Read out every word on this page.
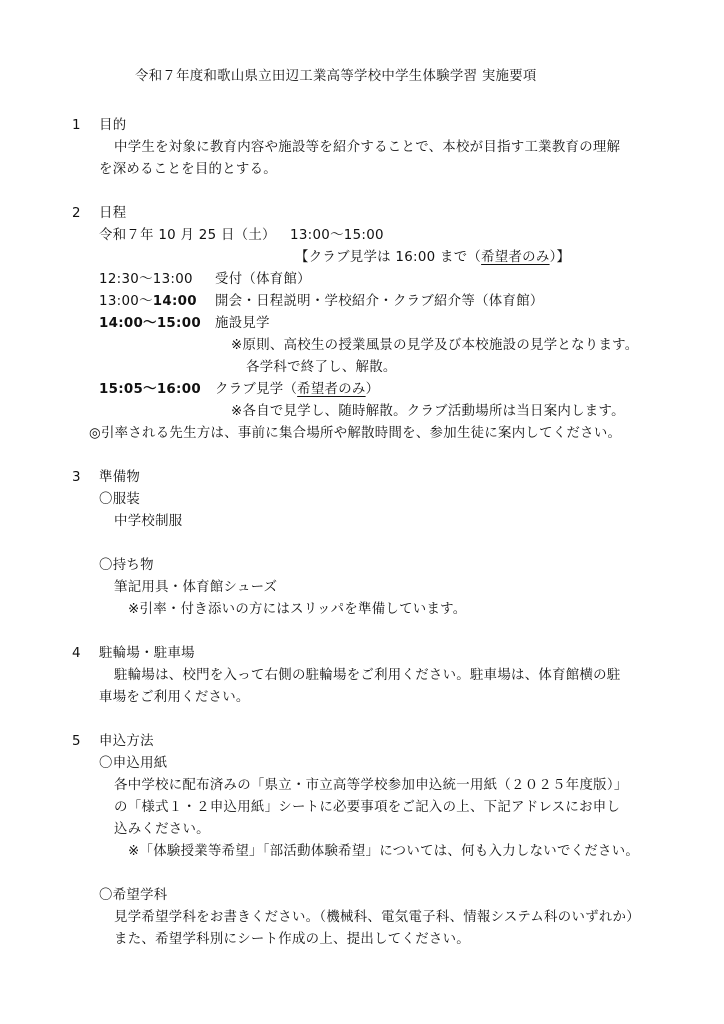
令和７年度和歌山県立田辺工業高等学校中学生体験学習 実施要項
1 目的
中学生を対象に教育内容や施設等を紹介することで、本校が目指す工業教育の理解
を深めることを目的とする。
2 日程
令和７年 10 月 25 日（土） 13:00～15:00
【クラブ見学は 16:00 まで（希望者のみ）】
12:30～13:00 受付（体育館）
13:00～14:00 開会・日程説明・学校紹介・クラブ紹介等（体育館）
14:00～15:00 施設見学
※原則、高校生の授業風景の見学及び本校施設の見学となります。
各学科で終了し、解散。
15:05～16:00 クラブ見学（希望者のみ）
※各自で見学し、随時解散。クラブ活動場所は当日案内します。
◎引率される先生方は、事前に集合場所や解散時間を、参加生徒に案内してください。
3 準備物
〇服装
中学校制服
〇持ち物
筆記用具・体育館シューズ
※引率・付き添いの方にはスリッパを準備しています。
4 駐輪場・駐車場
駐輪場は、校門を入って右側の駐輪場をご利用ください。駐車場は、体育館横の駐
車場をご利用ください。
5 申込方法
〇申込用紙
各中学校に配布済みの「県立・市立高等学校参加申込統一用紙（２０２５年度版）」
の「様式１・２申込用紙」シートに必要事項をご記入の上、下記アドレスにお申し
込みください。
※「体験授業等希望」「部活動体験希望」については、何も入力しないでください。
〇希望学科
見学希望学科をお書きください。（機械科、電気電子科、情報システム科のいずれか）
また、希望学科別にシート作成の上、提出してください。
